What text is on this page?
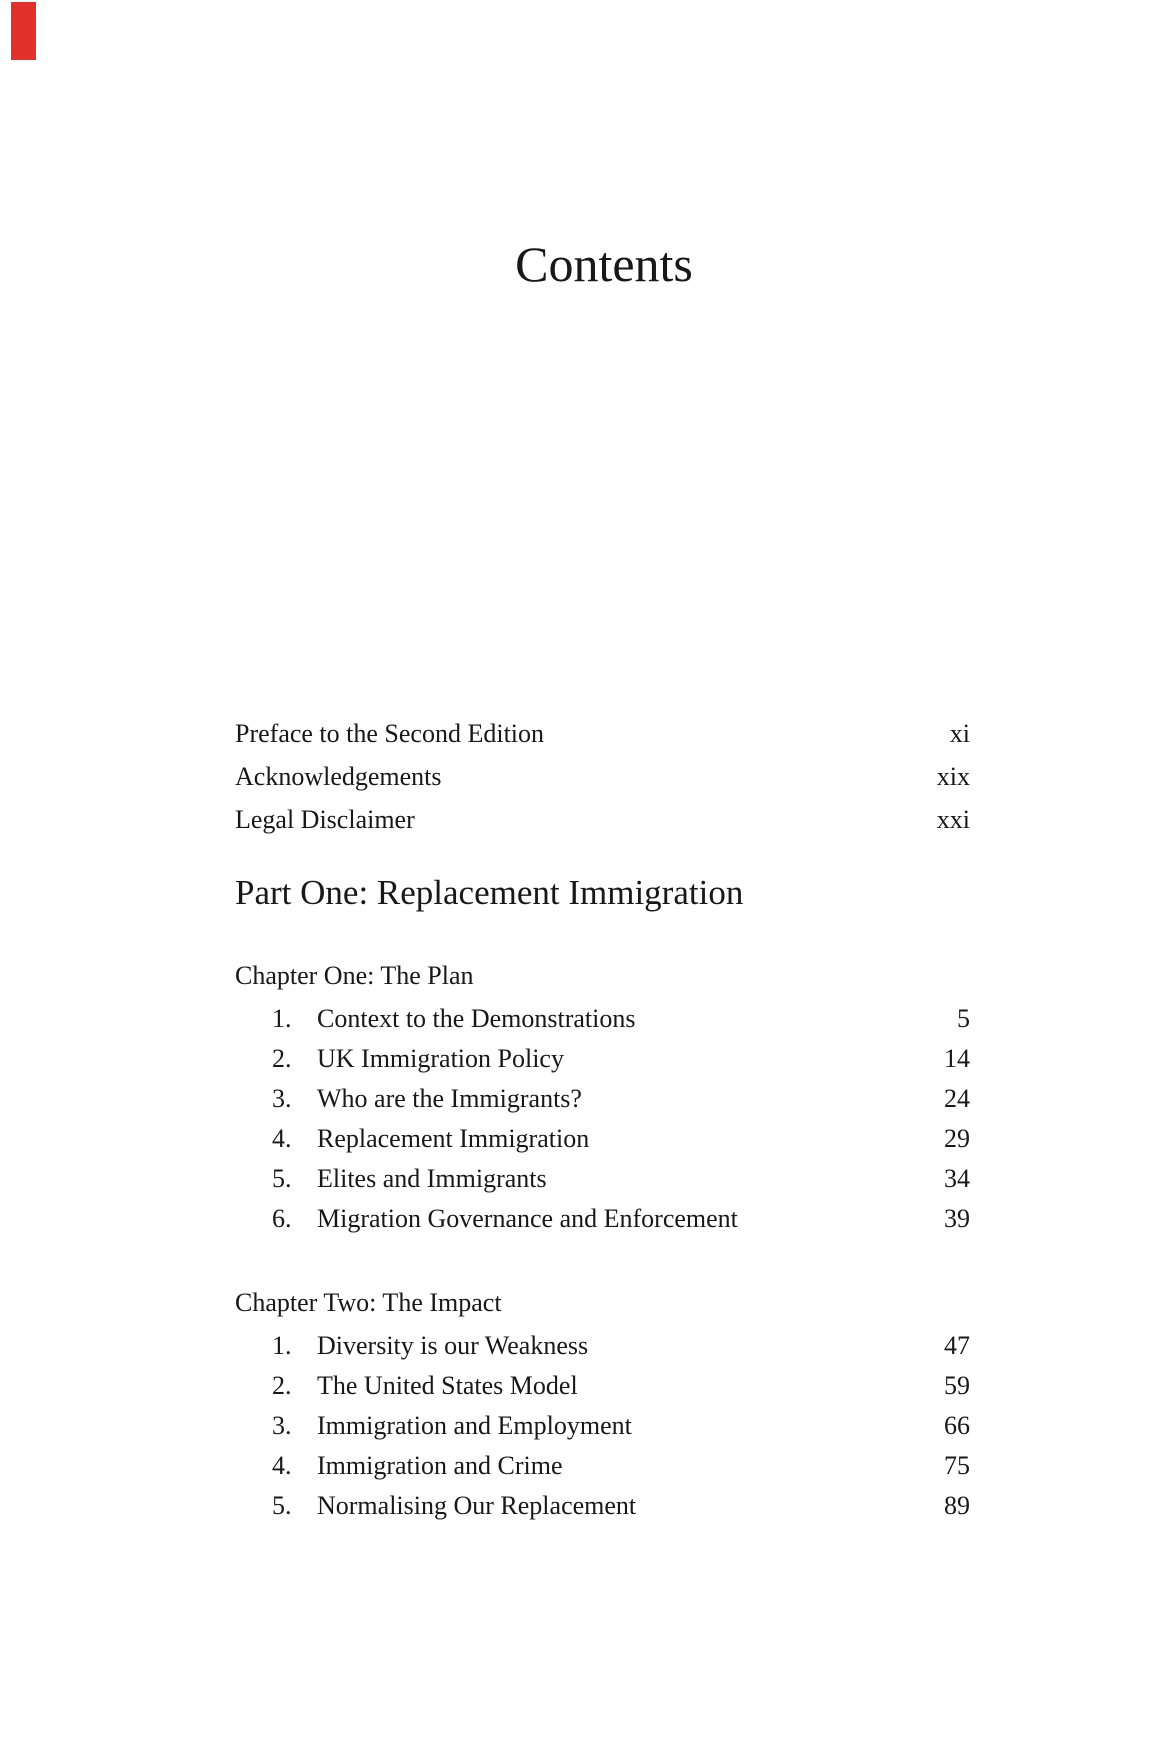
Contents
Preface to the Second Edition	xi
Acknowledgements	xix
Legal Disclaimer	xxi
Part One: Replacement Immigration
Chapter One: The Plan
1. Context to the Demonstrations	5
2. UK Immigration Policy	14
3. Who are the Immigrants?	24
4. Replacement Immigration	29
5. Elites and Immigrants	34
6. Migration Governance and Enforcement	39
Chapter Two: The Impact
1. Diversity is our Weakness	47
2. The United States Model	59
3. Immigration and Employment	66
4. Immigration and Crime	75
5. Normalising Our Replacement	89
